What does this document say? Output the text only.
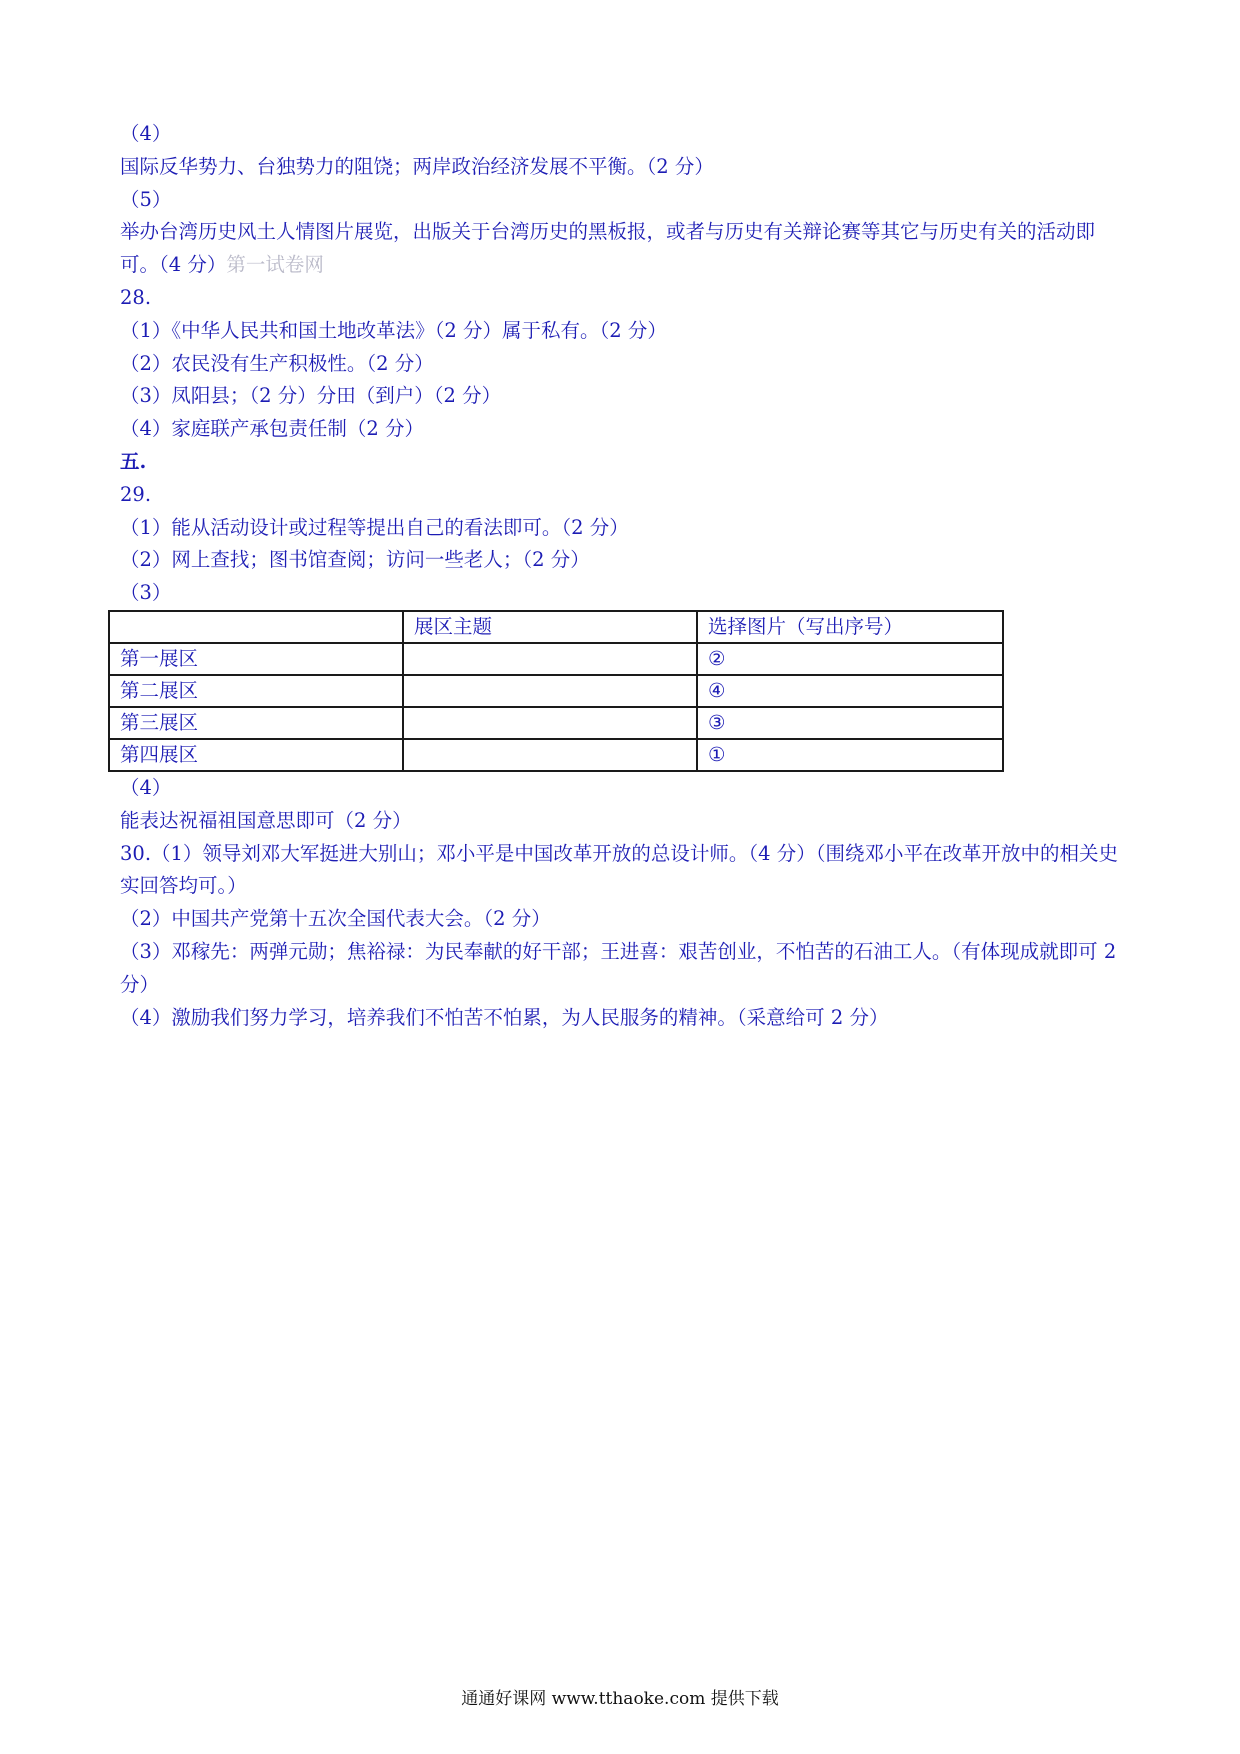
（4）
国际反华势力、台独势力的阻饶；两岸政治经济发展不平衡。（2 分）
（5）
举办台湾历史风土人情图片展览，出版关于台湾历史的黑板报，或者与历史有关辩论赛等其它与历史有关的活动即可。（4 分）第一试卷网
28.
（1）《中华人民共和国土地改革法》（2 分）属于私有。（2 分）
（2）农民没有生产积极性。（2 分）
（3）凤阳县；（2 分）分田（到户）（2 分）
（4）家庭联产承包责任制（2 分）
五.
29.
（1）能从活动设计或过程等提出自己的看法即可。（2 分）
（2）网上查找；图书馆查阅；访问一些老人；（2 分）
（3）
	展区主题	选择图片（写出序号）
第一展区		②
第二展区		④
第三展区		③
第四展区		①
（4）
能表达祝福祖国意思即可（2 分）
30.（1）领导刘邓大军挺进大别山；邓小平是中国改革开放的总设计师。（4 分）（围绕邓小平在改革开放中的相关史实回答均可。）
（2）中国共产党第十五次全国代表大会。（2 分）
（3）邓稼先：两弹元勋；焦裕禄：为民奉献的好干部；王进喜：艰苦创业，不怕苦的石油工人。（有体现成就即可 2 分）
（4）激励我们努力学习，培养我们不怕苦不怕累，为人民服务的精神。（采意给可 2 分）
通通好课网 www.tthaoke.com 提供下载
